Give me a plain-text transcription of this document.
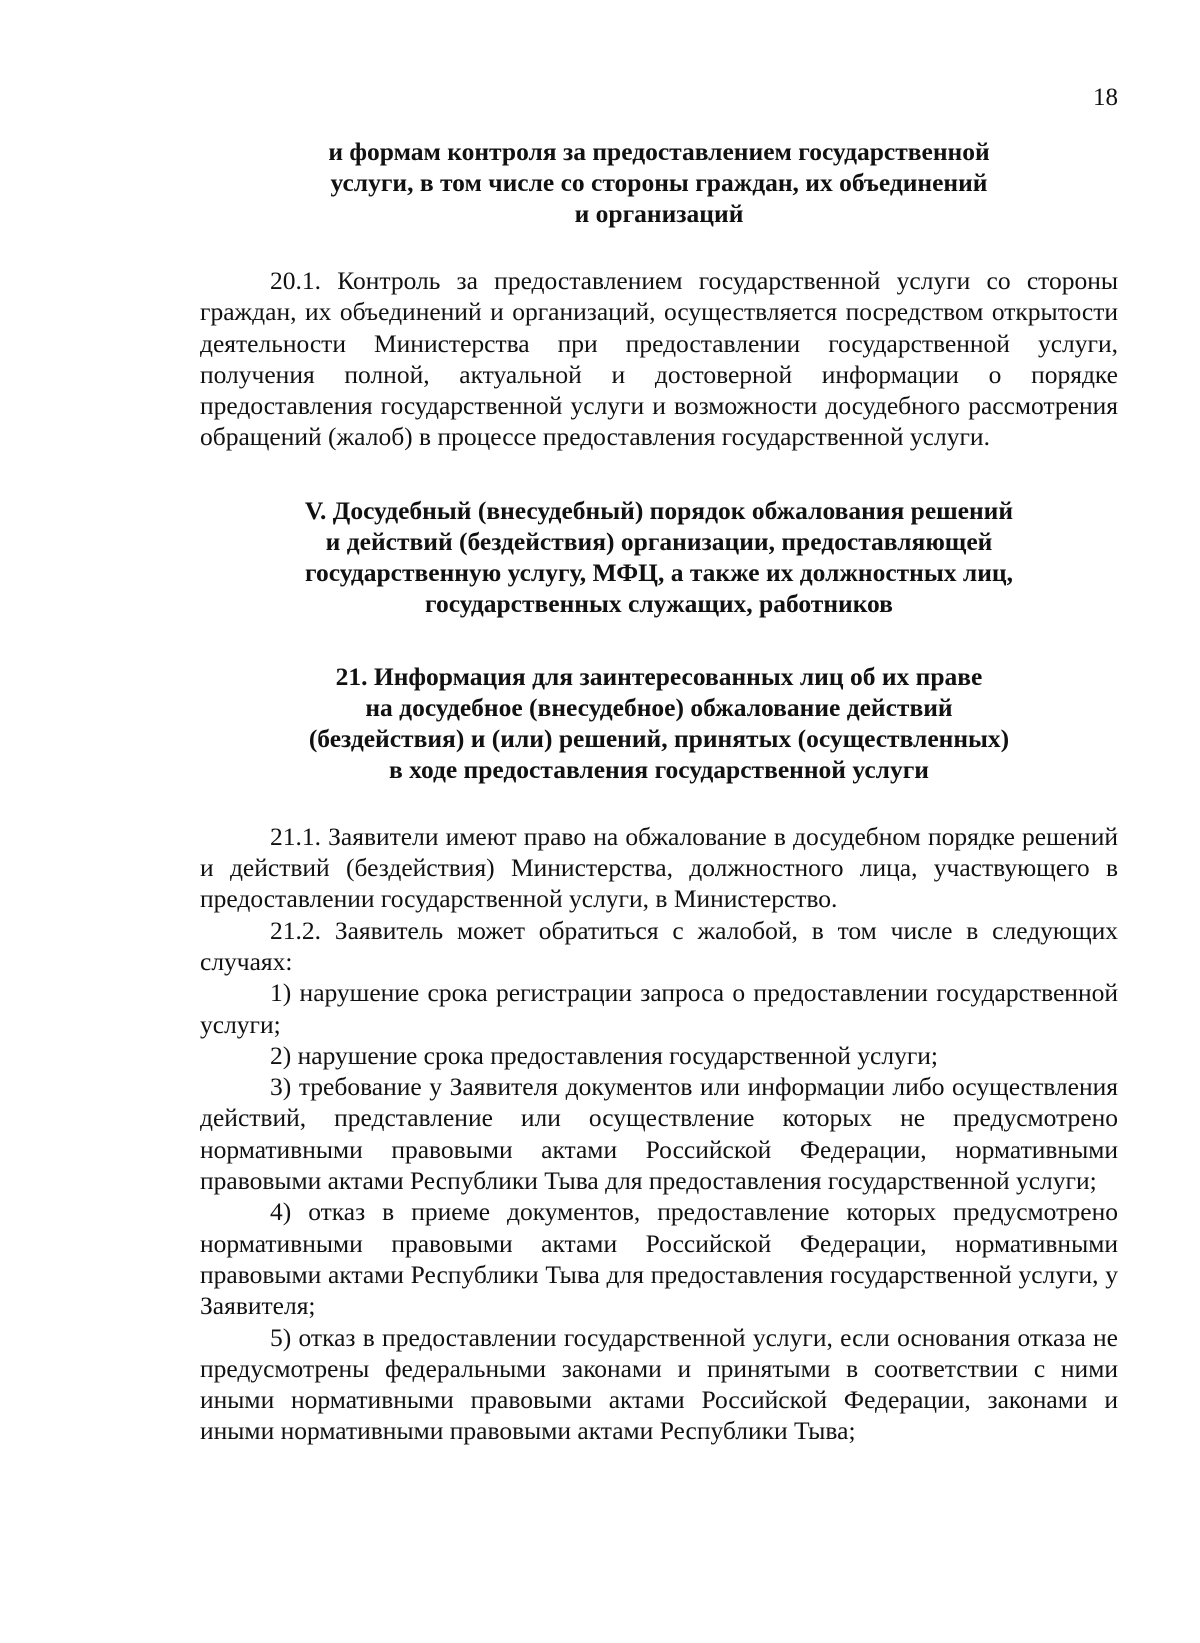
18
и формам контроля за предоставлением государственной
услуги, в том числе со стороны граждан, их объединений
и организаций

20.1. Контроль за предоставлением государственной услуги со стороны граждан, их объединений и организаций, осуществляется посредством открытости деятельности Министерства при предоставлении государственной услуги, получения полной, актуальной и достоверной информации о порядке предоставления государственной услуги и возможности досудебного рассмотрения обращений (жалоб) в процессе предоставления государственной услуги.

V. Досудебный (внесудебный) порядок обжалования решений
и действий (бездействия) организации, предоставляющей
государственную услугу, МФЦ, а также их должностных лиц,
государственных служащих, работников
21. Информация для заинтересованных лиц об их праве
на досудебное (внесудебное) обжалование действий
(бездействия) и (или) решений, принятых (осуществленных)
в ходе предоставления государственной услуги

21.1. Заявители имеют право на обжалование в досудебном порядке решений и действий (бездействия) Министерства, должностного лица, участвующего в предоставлении государственной услуги, в Министерство.

21.2. Заявитель может обратиться с жалобой, в том числе в следующих случаях:

1) нарушение срока регистрации запроса о предоставлении государственной услуги;

2) нарушение срока предоставления государственной услуги;

3) требование у Заявителя документов или информации либо осуществления действий, представление или осуществление которых не предусмотрено нормативными правовыми актами Российской Федерации, нормативными правовыми актами Республики Тыва для предоставления государственной услуги;

4) отказ в приеме документов, предоставление которых предусмотрено нормативными правовыми актами Российской Федерации, нормативными правовыми актами Республики Тыва для предоставления государственной услуги, у Заявителя;

5) отказ в предоставлении государственной услуги, если основания отказа не предусмотрены федеральными законами и принятыми в соответствии с ними иными нормативными правовыми актами Российской Федерации, законами и иными нормативными правовыми актами Республики Тыва;
